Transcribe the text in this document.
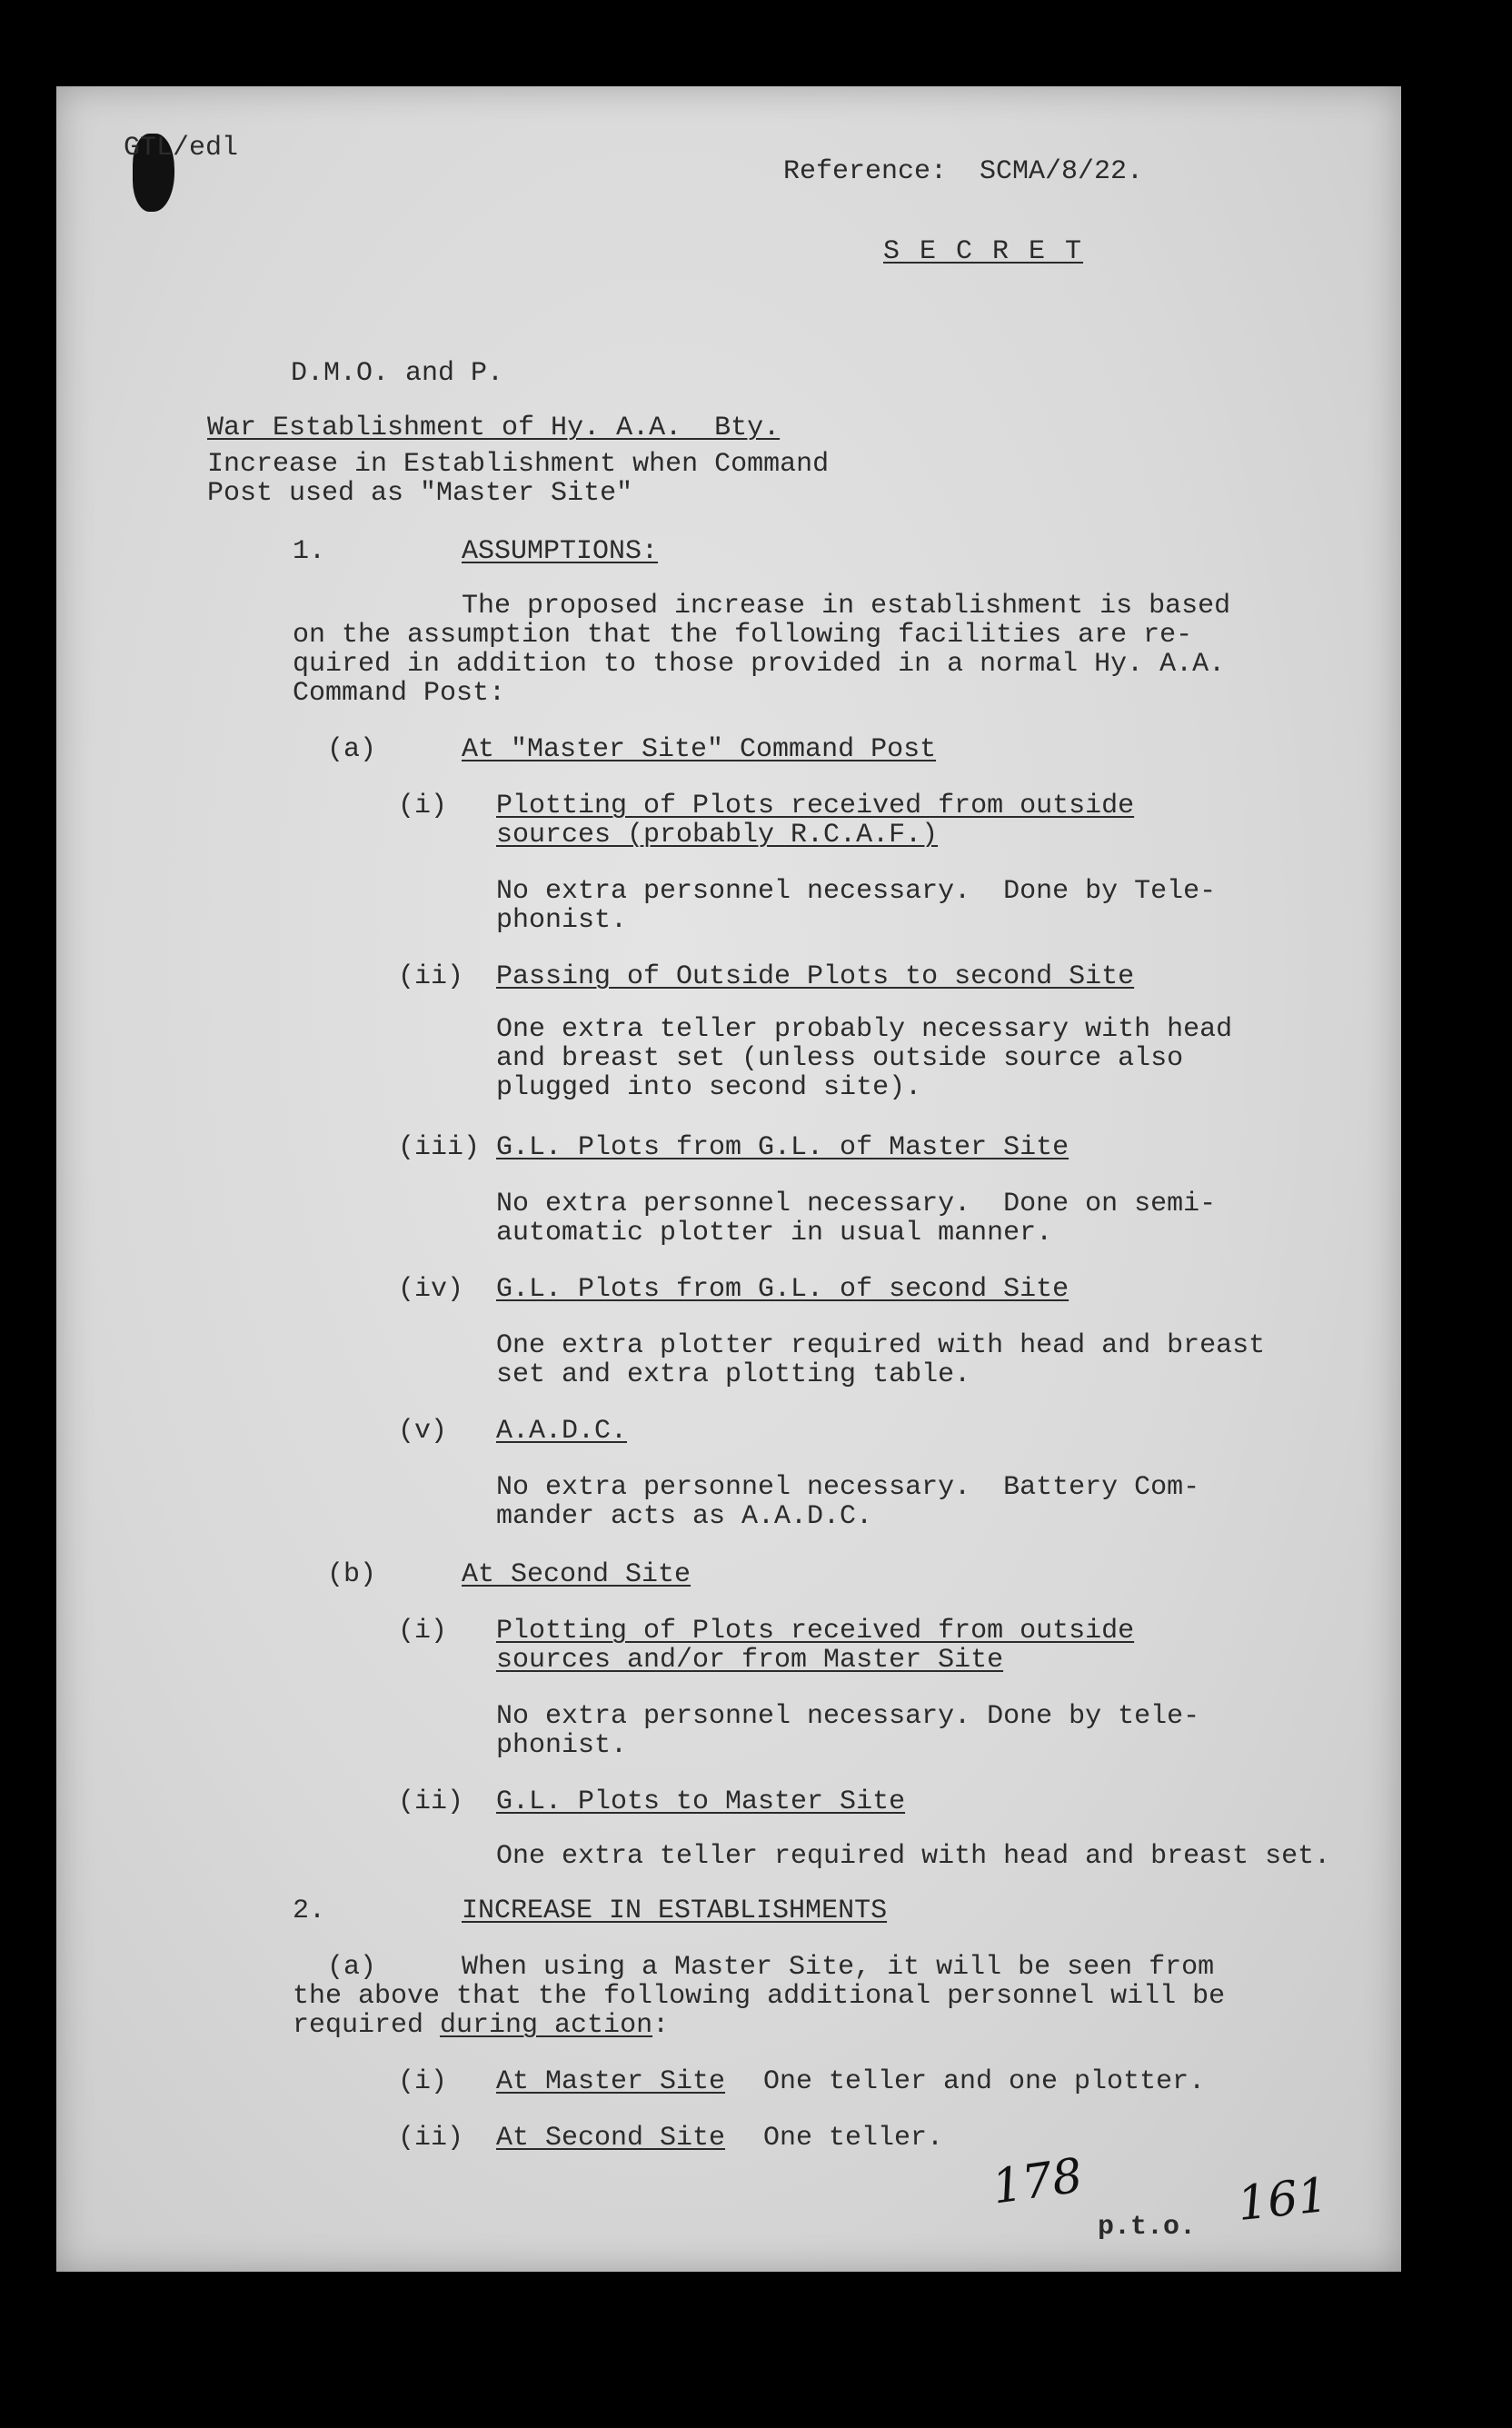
GTL/edl
Reference:  SCMA/8/22.
S E C R E T
D.M.O. and P.
War Establishment of Hy. A.A.  Bty.
Increase in Establishment when Command
Post used as "Master Site"
1.	ASSUMPTIONS:
The proposed increase in establishment is based
on the assumption that the following facilities are re-
quired in addition to those provided in a normal Hy. A.A.
Command Post:
(a)	At "Master Site" Command Post
(i) Plotting of Plots received from outside
sources (probably R.C.A.F.)
No extra personnel necessary.  Done by Tele-
phonist.
(ii) Passing of Outside Plots to second Site
One extra teller probably necessary with head
and breast set (unless outside source also
plugged into second site).
(iii) G.L. Plots from G.L. of Master Site
No extra personnel necessary.  Done on semi-
automatic plotter in usual manner.
(iv) G.L. Plots from G.L. of second Site
One extra plotter required with head and breast
set and extra plotting table.
(v) A.A.D.C.
No extra personnel necessary.  Battery Com-
mander acts as A.A.D.C.
(b)	At Second Site
(i) Plotting of Plots received from outside
sources and/or from Master Site
No extra personnel necessary. Done by tele-
phonist.
(ii) G.L. Plots to Master Site
One extra teller required with head and breast set.
2.	INCREASE IN ESTABLISHMENTS
(a)	When using a Master Site, it will be seen from
the above that the following additional personnel will be
required during action:
(i) At Master Site One teller and one plotter.
(ii) At Second Site One teller.
178
p.t.o. 161
